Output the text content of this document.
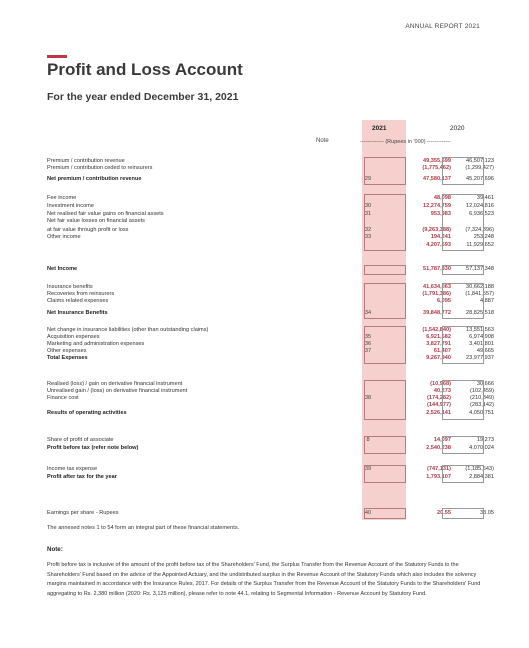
ANNUAL REPORT 2021
Profit and Loss Account
For the year ended December 31, 2021
2021	2020
Note	------------- (Rupees in '000) -------------
Premium / contribution revenue	49,355,599	46,507,123
Premium / contribution ceded to reinsurers	(1,775,462)	(1,299,427)
Net premium / contribution revenue	29	47,580,137	45,207,696
Fee income	48,098	39,461
Investment income	30	12,274,759	12,024,816
Net realised fair value gains on financial assets	31	953,983	6,936,523
Net fair value losses on financial assets
at fair value through profit or loss	32	(9,263,388)	(7,324,396)
Other income	33	194,241	253,248
4,207,693	11,929,652
Net Income	51,787,830	57,137,348
Insurance benefits	41,634,063	30,662,188
Recoveries from reinsurers	(1,791,386)	(1,841,557)
Claims related expenses	6,095	4,887
Net Insurance Benefits	34	39,848,772	28,825,518
Net change in insurance liabilities (other than outstanding claims)	(1,542,840)	13,551,563
Acquisition expenses	35	6,921,582	6,974,908
Marketing and administration expenses	36	3,827,791	3,401,801
Other expenses	37	61,407	49,665
Total Expenses	9,267,940	23,977,937
Realised (loss) / gain on derivative financial instrument	(10,968)	30,666
Unrealised gain / (loss) on derivative financial instrument	40,273	(102,459)
Finance cost	38	(174,282)	(210,349)
(144,977)	(283,142)
Results of operating activities	2,526,141	4,050,751
Share of profit of associate	8	14,097	19,273
Profit before tax (refer note below)	2,540,238	4,070,024
Income tax expense	39	(747,131)	(1,185,643)
Profit after tax for the year	1,793,107	2,884,381
Earnings per share - Rupees	40	20.55	33.05
The annexed notes 1 to 54 form an integral part of these financial statements.
Note:
Profit before tax is inclusive of the amount of the profit before tax of the Shareholders' Fund, the Surplus Transfer from the Revenue Account of the Statutory Funds to the Shareholders' Fund based on the advice of the Appointed Actuary, and the undistributed surplus in the Revenue Account of the Statutory Funds which also includes the solvency margins maintained in accordance with the Insurance Rules, 2017. For details of the Surplus Transfer from the Revenue Account of the Statutory Funds to the Shareholders' Fund aggregating to Rs. 2,380 million (2020: Rs. 3,125 million), please refer to note 44.1, relating to Segmental Information - Revenue Account by Statutory Fund.
